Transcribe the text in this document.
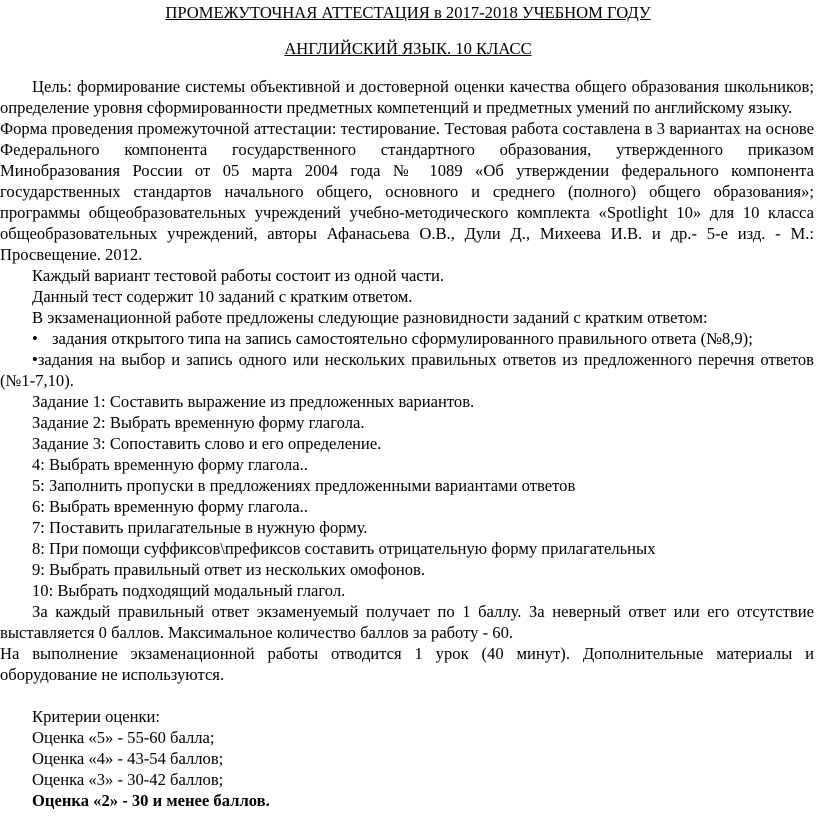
ПРОМЕЖУТОЧНАЯ АТТЕСТАЦИЯ в 2017-2018 УЧЕБНОМ ГОДУ

АНГЛИЙСКИЙ ЯЗЫК. 10 КЛАСС

Цель: формирование системы объективной и достоверной оценки качества общего образования школьников; определение уровня сформированности предметных компетенций и предметных умений по английскому языку.

Форма проведения промежуточной аттестации: тестирование. Тестовая работа составлена в 3 вариантах на основе Федерального компонента государственного стандартного образования, утвержденного приказом Минобразования России от 05 марта 2004 года № 1089 «Об утверждении федерального компонента государственных стандартов начального общего, основного и среднего (полного) общего образования»; программы общеобразовательных учреждений учебно-методического комплекта «Spotlight 10» для 10 класса общеобразовательных учреждений, авторы Афанасьева О.В., Дули Д., Михеева И.В. и др.- 5-е изд. - М.: Просвещение. 2012.

Каждый вариант тестовой работы состоит из одной части.

Данный тест содержит 10 заданий с кратким ответом.

В экзаменационной работе предложены следующие разновидности заданий с кратким ответом:

• задания открытого типа на запись самостоятельно сформулированного правильного ответа (№8,9);

•задания на выбор и запись одного или нескольких правильных ответов из предложенного перечня ответов (№1-7,10).

Задание 1: Составить выражение из предложенных вариантов.

Задание 2: Выбрать временную форму глагола.

Задание 3: Сопоставить слово и его определение.

4: Выбрать временную форму глагола..

5: Заполнить пропуски в предложениях предложенными вариантами ответов

6: Выбрать временную форму глагола..

7: Поставить прилагательные в нужную форму.

8: При помощи суффиксов\префиксов составить отрицательную форму прилагательных

9: Выбрать правильный ответ из нескольких омофонов.

10: Выбрать подходящий модальный глагол.

За каждый правильный ответ экзаменуемый получает по 1 баллу. За неверный ответ или его отсутствие выставляется 0 баллов. Максимальное количество баллов за работу - 60.

На выполнение экзаменационной работы отводится 1 урок (40 минут). Дополнительные материалы и оборудование не используются.

Критерии оценки:

Оценка «5» - 55-60 балла;

Оценка «4» - 43-54 баллов;

Оценка «3» - 30-42 баллов;

Оценка «2» - 30 и менее баллов.
